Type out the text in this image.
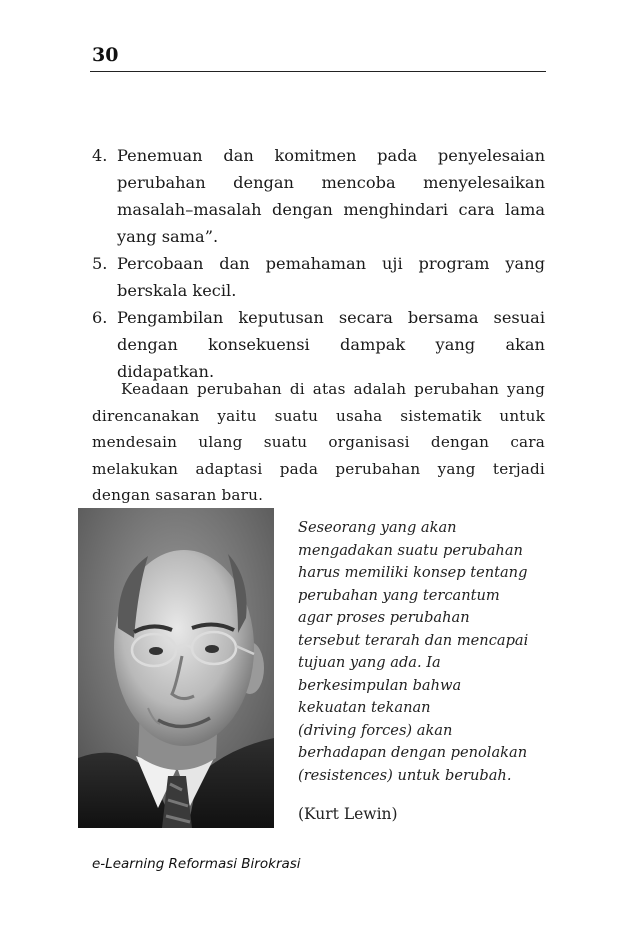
30
4. Penemuan dan komitmen pada penyelesaian perubahan dengan mencoba menyelesaikan masalah–masalah dengan menghindari cara lama yang sama”.
5. Percobaan dan pemahaman uji program yang berskala kecil.
6. Pengambilan keputusan secara bersama sesuai dengan konsekuensi dampak yang akan didapatkan.

Keadaan perubahan di atas adalah perubahan yang direncanakan yaitu suatu usaha sistematik untuk mendesain ulang suatu organisasi dengan cara melakukan adaptasi pada perubahan yang terjadi dengan sasaran baru.

Seseorang yang akan
mengadakan suatu perubahan
harus memiliki konsep tentang
perubahan yang tercantum
agar proses perubahan
tersebut terarah dan mencapai
tujuan yang ada. Ia
berkesimpulan bahwa
kekuatan tekanan
(driving forces) akan
berhadapan dengan penolakan
(resistences) untuk berubah.
(Kurt Lewin)
e-Learning Reformasi Birokrasi
